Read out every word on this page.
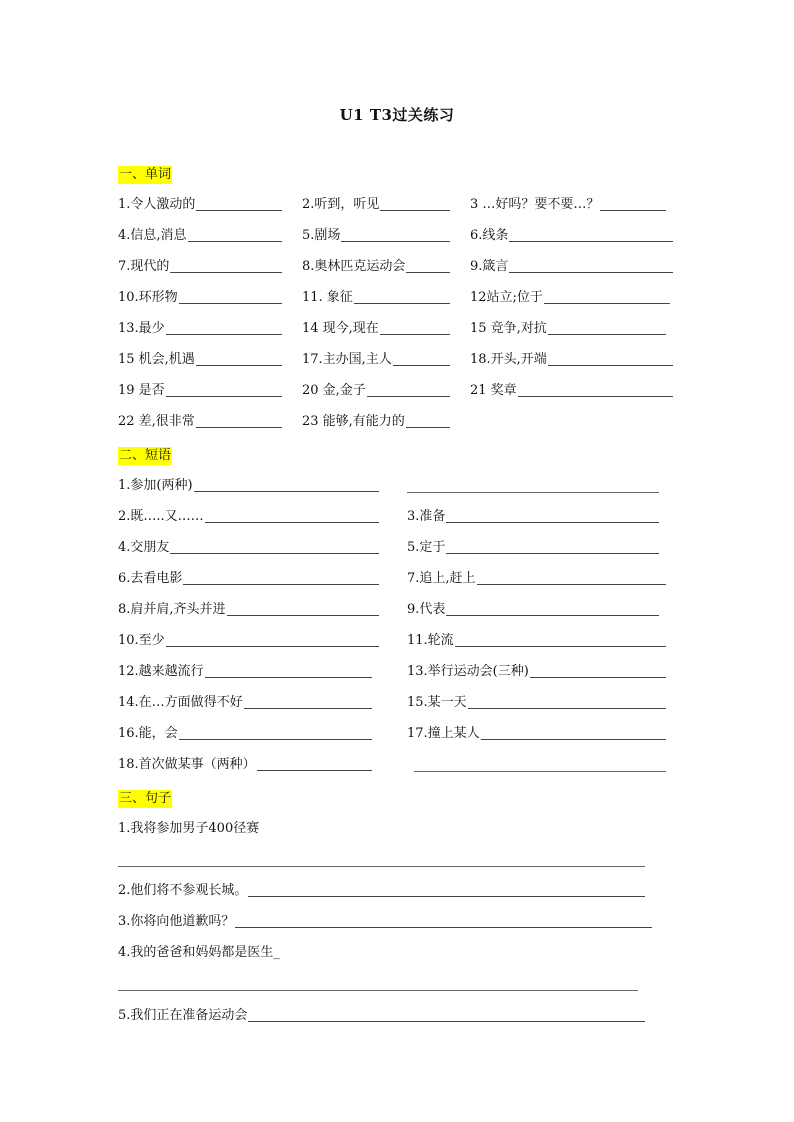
U1 T3过关练习
一、单词
1.令人激动的	2.听到，听见	3 …好吗？要不要…？
4.信息,消息	5.剧场	6.线条
7.现代的	8.奥林匹克运动会	9.箴言
10.环形物	11. 象征	12站立;位于
13.最少	14 现今,现在	15 竞争,对抗
15 机会,机遇	17.主办国,主人	18.开头,开端
19 是否	20 金,金子	21 奖章
22 差,很非常	23 能够,有能力的
二、短语
1.参加(两种)
2.既…..又……	3.准备
4.交朋友	5.定于
6.去看电影	7.追上,赶上
8.肩并肩,齐头并进	9.代表
10.至少	11.轮流
12.越来越流行	13.举行运动会(三种)
14.在…方面做得不好	15.某一天
16.能，会	17.撞上某人
18.首次做某事（两种）
三、句子
1.我将参加男子400径赛
2.他们将不参观长城。
3.你将向他道歉吗？
4.我的爸爸和妈妈都是医生_
5.我们正在准备运动会
